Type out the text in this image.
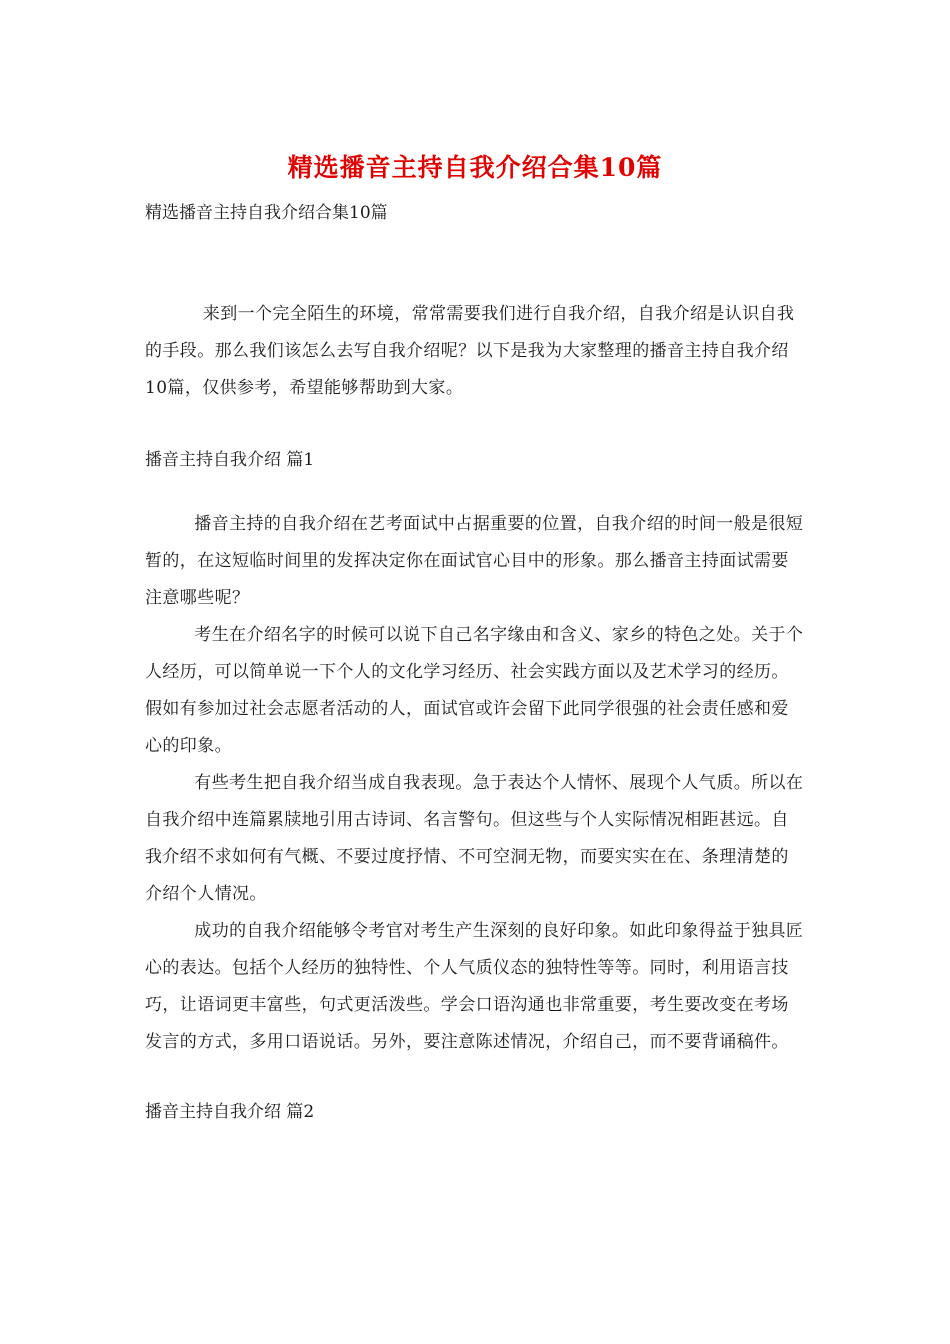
精选播音主持自我介绍合集10篇
精选播音主持自我介绍合集10篇

来到一个完全陌生的环境，常常需要我们进行自我介绍，自我介绍是认识自我的手段。那么我们该怎么去写自我介绍呢？以下是我为大家整理的播音主持自我介绍10篇，仅供参考，希望能够帮助到大家。

播音主持自我介绍 篇1

播音主持的自我介绍在艺考面试中占据重要的位置，自我介绍的时间一般是很短暂的，在这短临时间里的发挥决定你在面试官心目中的形象。那么播音主持面试需要注意哪些呢？

考生在介绍名字的时候可以说下自己名字缘由和含义、家乡的特色之处。关于个人经历，可以简单说一下个人的文化学习经历、社会实践方面以及艺术学习的经历。假如有参加过社会志愿者活动的人，面试官或许会留下此同学很强的社会责任感和爱心的印象。

有些考生把自我介绍当成自我表现。急于表达个人情怀、展现个人气质。所以在自我介绍中连篇累牍地引用古诗词、名言警句。但这些与个人实际情况相距甚远。自我介绍不求如何有气概、不要过度抒情、不可空洞无物，而要实实在在、条理清楚的介绍个人情况。

成功的自我介绍能够令考官对考生产生深刻的良好印象。如此印象得益于独具匠心的表达。包括个人经历的独特性、个人气质仪态的独特性等等。同时，利用语言技巧，让语词更丰富些，句式更活泼些。学会口语沟通也非常重要，考生要改变在考场发言的方式，多用口语说话。另外，要注意陈述情况，介绍自己，而不要背诵稿件。

播音主持自我介绍 篇2
